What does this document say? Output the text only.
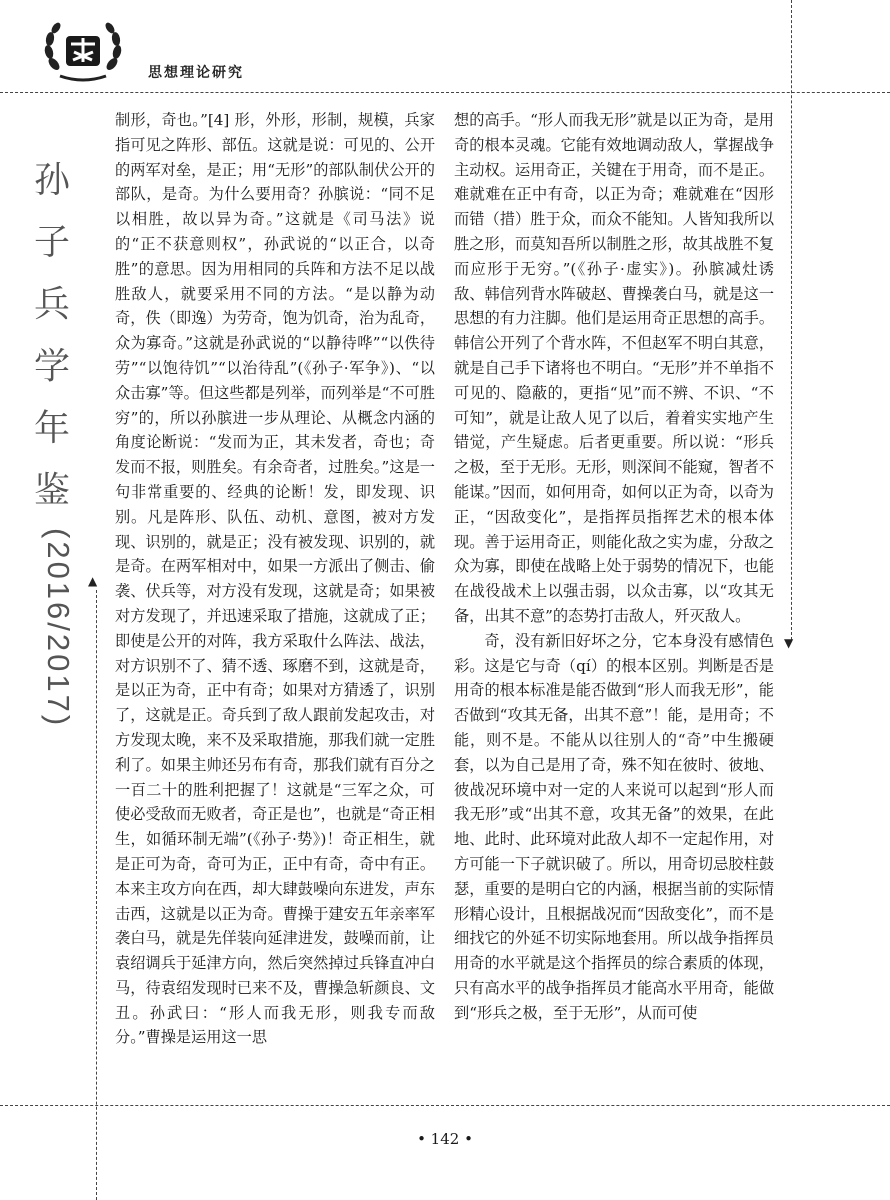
▲
▼
思想理论研究
孙
子
兵
学
年
鉴
(2016/2017)

制形，奇也。”[4] 形，外形，形制，规模，兵家指可见之阵形、部伍。这就是说：可见的、公开的两军对垒，是正；用“无形”的部队制伏公开的部队，是奇。为什么要用奇？孙膑说：“同不足以相胜，故以异为奇。”这就是《司马法》说的“正不获意则权”，孙武说的“以正合，以奇胜”的意思。因为用相同的兵阵和方法不足以战胜敌人，就要采用不同的方法。“是以静为动奇，佚（即逸）为劳奇，饱为饥奇，治为乱奇，众为寡奇。”这就是孙武说的“以静待哗”“以佚待劳”“以饱待饥”“以治待乱”(《孙子·军争》)、“以众击寡”等。但这些都是列举，而列举是“不可胜穷”的，所以孙膑进一步从理论、从概念内涵的角度论断说：“发而为正，其未发者，奇也；奇发而不报，则胜矣。有余奇者，过胜矣。”这是一句非常重要的、经典的论断！发，即发现、识别。凡是阵形、队伍、动机、意图，被对方发现、识别的，就是正；没有被发现、识别的，就是奇。在两军相对中，如果一方派出了侧击、偷袭、伏兵等，对方没有发现，这就是奇；如果被对方发现了，并迅速采取了措施，这就成了正；即使是公开的对阵，我方采取什么阵法、战法，对方识别不了、猜不透、琢磨不到，这就是奇，是以正为奇，正中有奇；如果对方猜透了，识别了，这就是正。奇兵到了敌人跟前发起攻击，对方发现太晚，来不及采取措施，那我们就一定胜利了。如果主帅还另布有奇，那我们就有百分之一百二十的胜利把握了！这就是“三军之众，可使必受敌而无败者，奇正是也”，也就是“奇正相生，如循环制无端”(《孙子·势》)！奇正相生，就是正可为奇，奇可为正，正中有奇，奇中有正。本来主攻方向在西，却大肆鼓噪向东进发，声东击西，这就是以正为奇。曹操于建安五年亲率军袭白马，就是先佯装向延津进发，鼓噪而前，让袁绍调兵于延津方向，然后突然掉过兵锋直冲白马，待袁绍发现时已来不及，曹操急斩颜良、文丑。孙武曰：“形人而我无形，则我专而敌分。”曹操是运用这一思

想的高手。“形人而我无形”就是以正为奇，是用奇的根本灵魂。它能有效地调动敌人，掌握战争主动权。运用奇正，关键在于用奇，而不是正。难就难在正中有奇，以正为奇；难就难在“因形而错（措）胜于众，而众不能知。人皆知我所以胜之形，而莫知吾所以制胜之形，故其战胜不复而应形于无穷。”(《孙子·虚实》)。孙膑减灶诱敌、韩信列背水阵破赵、曹操袭白马，就是这一思想的有力注脚。他们是运用奇正思想的高手。韩信公开列了个背水阵，不但赵军不明白其意，就是自己手下诸将也不明白。“无形”并不单指不可见的、隐蔽的，更指“见”而不辨、不识、“不可知”，就是让敌人见了以后，着着实实地产生错觉，产生疑虑。后者更重要。所以说：“形兵之极，至于无形。无形，则深间不能窥，智者不能谋。”因而，如何用奇，如何以正为奇，以奇为正，“因敌变化”，是指挥员指挥艺术的根本体现。善于运用奇正，则能化敌之实为虚，分敌之众为寡，即使在战略上处于弱势的情况下，也能在战役战术上以强击弱，以众击寡，以“攻其无备，出其不意”的态势打击敌人，歼灭敌人。

奇，没有新旧好坏之分，它本身没有感情色彩。这是它与奇（qí）的根本区别。判断是否是用奇的根本标准是能否做到“形人而我无形”，能否做到“攻其无备，出其不意”！能，是用奇；不能，则不是。不能从以往别人的“奇”中生搬硬套，以为自己是用了奇，殊不知在彼时、彼地、彼战况环境中对一定的人来说可以起到“形人而我无形”或“出其不意，攻其无备”的效果，在此地、此时、此环境对此敌人却不一定起作用，对方可能一下子就识破了。所以，用奇切忌胶柱鼓瑟，重要的是明白它的内涵，根据当前的实际情形精心设计，且根据战况而“因敌变化”，而不是细找它的外延不切实际地套用。所以战争指挥员用奇的水平就是这个指挥员的综合素质的体现，只有高水平的战争指挥员才能高水平用奇，能做到“形兵之极，至于无形”，从而可使

• 142 •
